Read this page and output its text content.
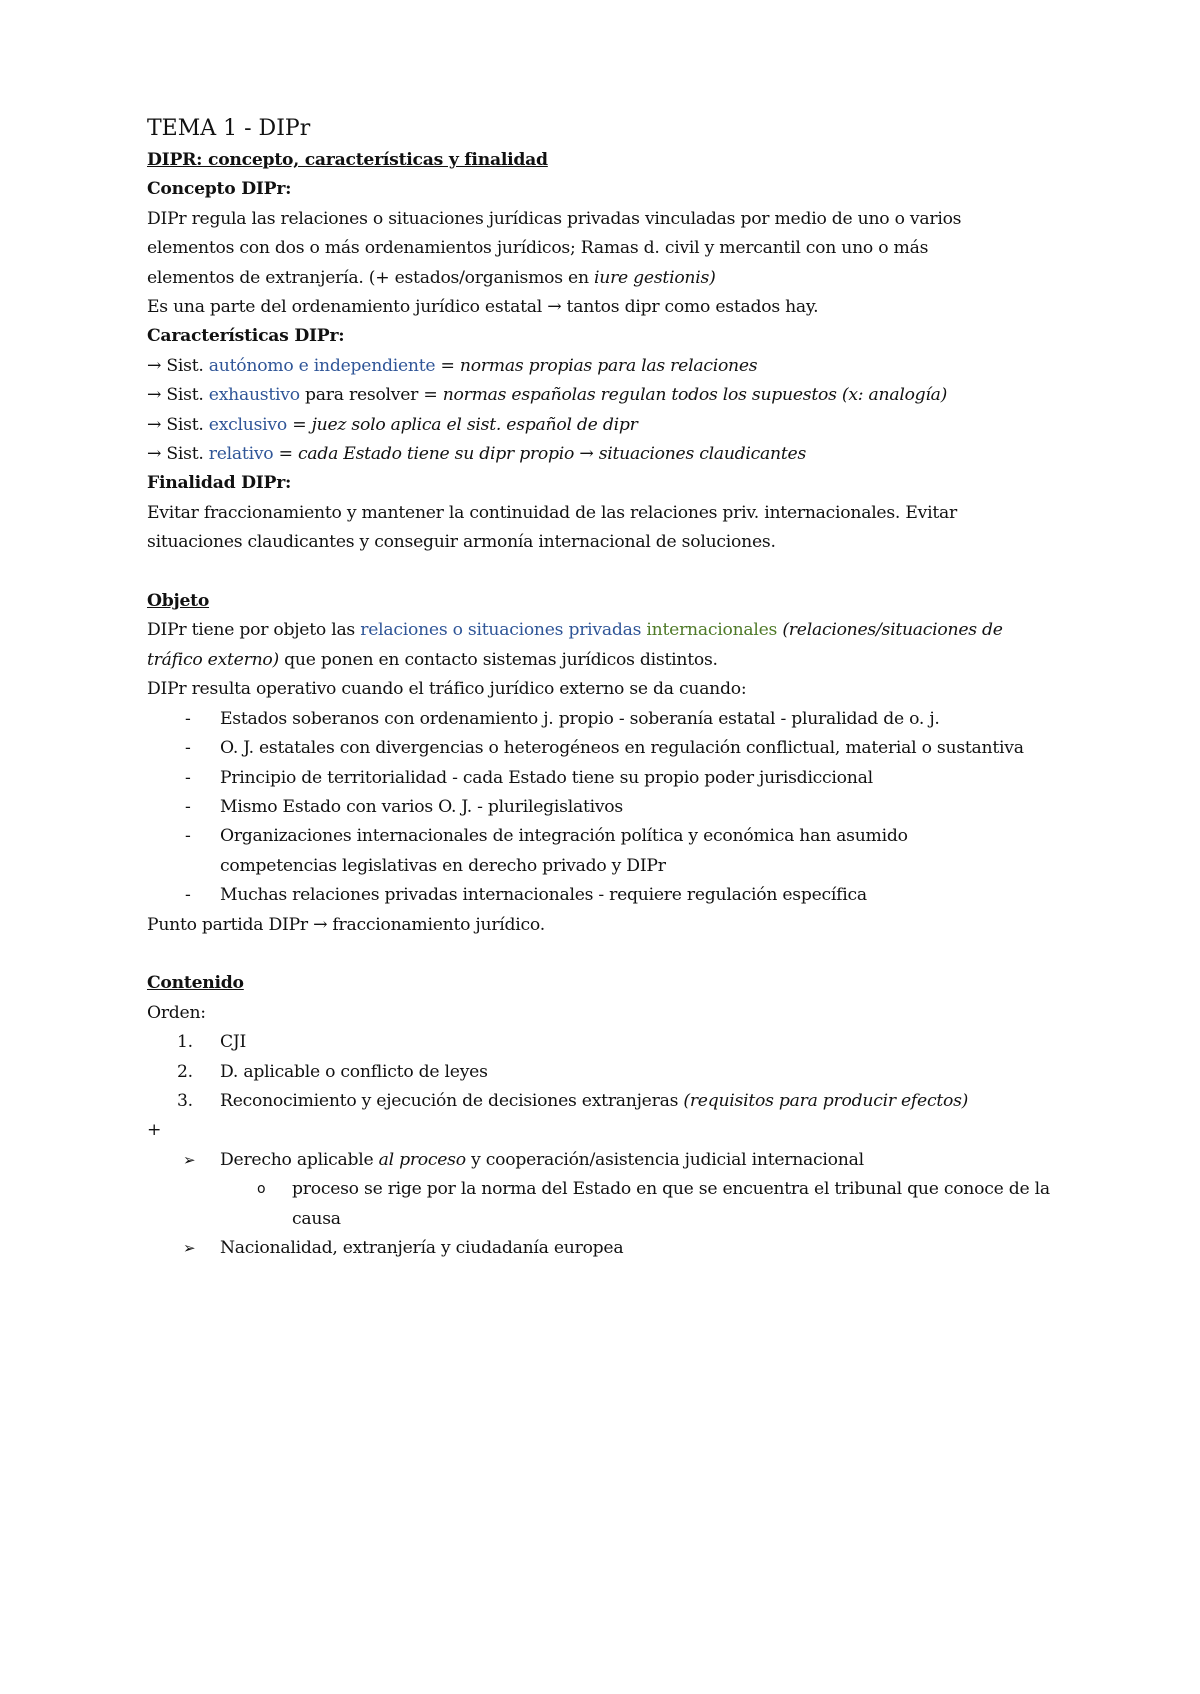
TEMA 1 - DIPr
DIPR: concepto, características y finalidad
Concepto DIPr:
DIPr regula las relaciones o situaciones jurídicas privadas vinculadas por medio de uno o varios
elementos con dos o más ordenamientos jurídicos; Ramas d. civil y mercantil con uno o más
elementos de extranjería. (+ estados/organismos en iure gestionis)
Es una parte del ordenamiento jurídico estatal → tantos dipr como estados hay.
Características DIPr:
→ Sist. autónomo e independiente = normas propias para las relaciones
→ Sist. exhaustivo para resolver = normas españolas regulan todos los supuestos (x: analogía)
→ Sist. exclusivo = juez solo aplica el sist. español de dipr
→ Sist. relativo = cada Estado tiene su dipr propio → situaciones claudicantes
Finalidad DIPr:
Evitar fraccionamiento y mantener la continuidad de las relaciones priv. internacionales. Evitar
situaciones claudicantes y conseguir armonía internacional de soluciones.
Objeto
DIPr tiene por objeto las relaciones o situaciones privadas internacionales (relaciones/situaciones de
tráfico externo) que ponen en contacto sistemas jurídicos distintos.
DIPr resulta operativo cuando el tráfico jurídico externo se da cuando:
- Estados soberanos con ordenamiento j. propio - soberanía estatal - pluralidad de o. j.
- O. J. estatales con divergencias o heterogéneos en regulación conflictual, material o sustantiva
- Principio de territorialidad - cada Estado tiene su propio poder jurisdiccional
- Mismo Estado con varios O. J. - plurilegislativos
- Organizaciones internacionales de integración política y económica han asumido
competencias legislativas en derecho privado y DIPr
- Muchas relaciones privadas internacionales - requiere regulación específica
Punto partida DIPr → fraccionamiento jurídico.
Contenido
Orden:
1. CJI
2. D. aplicable o conflicto de leyes
3. Reconocimiento y ejecución de decisiones extranjeras (requisitos para producir efectos)
+
➢ Derecho aplicable al proceso y cooperación/asistencia judicial internacional
o proceso se rige por la norma del Estado en que se encuentra el tribunal que conoce de la causa
➢ Nacionalidad, extranjería y ciudadanía europea
